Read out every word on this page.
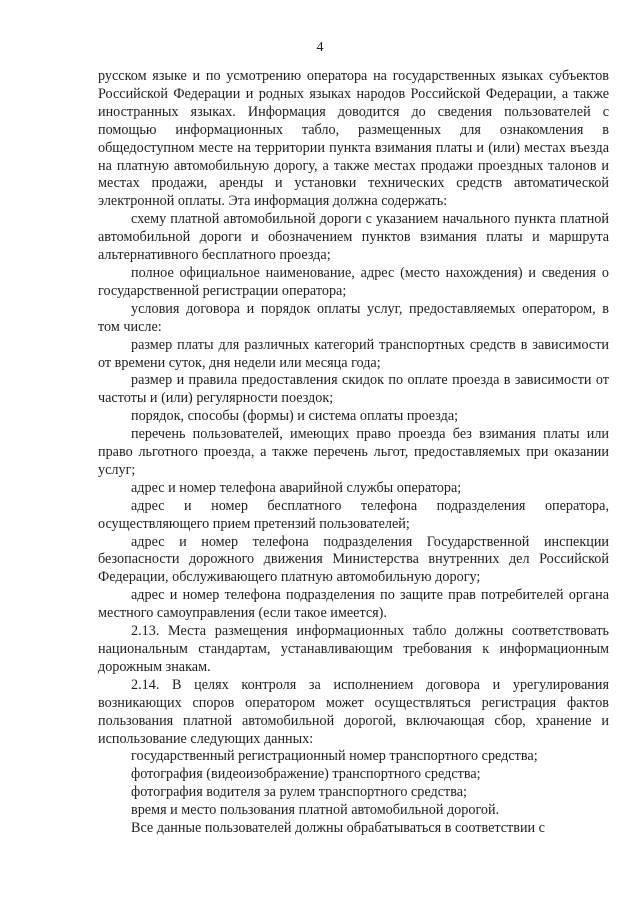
4

русском языке и по усмотрению оператора на государственных языках субъектов Российской Федерации и родных языках народов Российской Федерации, а также иностранных языках. Информация доводится до сведения пользователей с помощью информационных табло, размещенных для ознакомления в общедоступном месте на территории пункта взимания платы и (или) местах въезда на платную автомобильную дорогу, а также местах продажи проездных талонов и местах продажи, аренды и установки технических средств автоматической электронной оплаты. Эта информация должна содержать:

схему платной автомобильной дороги с указанием начального пункта платной автомобильной дороги и обозначением пунктов взимания платы и маршрута альтернативного бесплатного проезда;

полное официальное наименование, адрес (место нахождения) и сведения о государственной регистрации оператора;

условия договора и порядок оплаты услуг, предоставляемых оператором, в том числе:

размер платы для различных категорий транспортных средств в зависимости от времени суток, дня недели или месяца года;

размер и правила предоставления скидок по оплате проезда в зависимости от частоты и (или) регулярности поездок;

порядок, способы (формы) и система оплаты проезда;

перечень пользователей, имеющих право проезда без взимания платы или право льготного проезда, а также перечень льгот, предоставляемых при оказании услуг;

адрес и номер телефона аварийной службы оператора;

адрес и номер бесплатного телефона подразделения оператора, осуществляющего прием претензий пользователей;

адрес и номер телефона подразделения Государственной инспекции безопасности дорожного движения Министерства внутренних дел Российской Федерации, обслуживающего платную автомобильную дорогу;

адрес и номер телефона подразделения по защите прав потребителей органа местного самоуправления (если такое имеется).

2.13. Места размещения информационных табло должны соответствовать национальным стандартам, устанавливающим требования к информационным дорожным знакам.

2.14. В целях контроля за исполнением договора и урегулирования возникающих споров оператором может осуществляться регистрация фактов пользования платной автомобильной дорогой, включающая сбор, хранение и использование следующих данных:

государственный регистрационный номер транспортного средства;

фотография (видеоизображение) транспортного средства;

фотография водителя за рулем транспортного средства;

время и место пользования платной автомобильной дорогой.

Все данные пользователей должны обрабатываться в соответствии с
